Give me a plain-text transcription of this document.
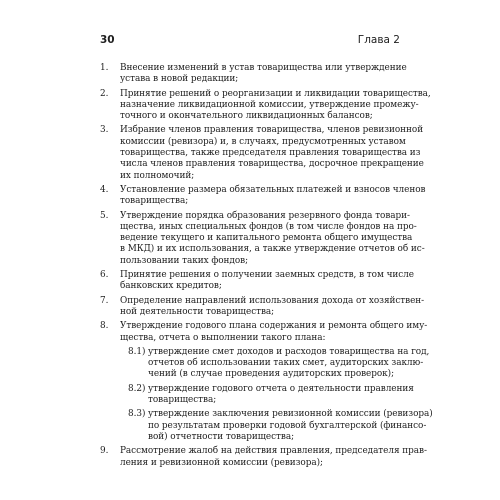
30	Глава 2
1. Внесение изменений в устав товарищества или утверждение
устава в новой редакции;
2. Принятие решений о реорганизации и ликвидации товарищества,
назначение ликвидационной комиссии, утверждение промежу-
точного и окончательного ликвидационных балансов;
3. Избрание членов правления товарищества, членов ревизионной
комиссии (ревизора) и, в случаях, предусмотренных уставом
товарищества, также председателя правления товарищества из
числа членов правления товарищества, досрочное прекращение
их полномочий;
4. Установление размера обязательных платежей и взносов членов
товарищества;
5. Утверждение порядка образования резервного фонда товари-
щества, иных специальных фондов (в том числе фондов на про-
ведение текущего и капитального ремонта общего имущества
в МКД) и их использования, а также утверждение отчетов об ис-
пользовании таких фондов;
6. Принятие решения о получении заемных средств, в том числе
банковских кредитов;
7. Определение направлений использования дохода от хозяйствен-
ной деятельности товарищества;
8. Утверждение годового плана содержания и ремонта общего иму-
щества, отчета о выполнении такого плана:
8.1) утверждение смет доходов и расходов товарищества на год,
отчетов об использовании таких смет, аудиторских заклю-
чений (в случае проведения аудиторских проверок);
8.2) утверждение годового отчета о деятельности правления
товарищества;
8.3) утверждение заключения ревизионной комиссии (ревизора)
по результатам проверки годовой бухгалтерской (финансо-
вой) отчетности товарищества;
9. Рассмотрение жалоб на действия правления, председателя прав-
ления и ревизионной комиссии (ревизора);
